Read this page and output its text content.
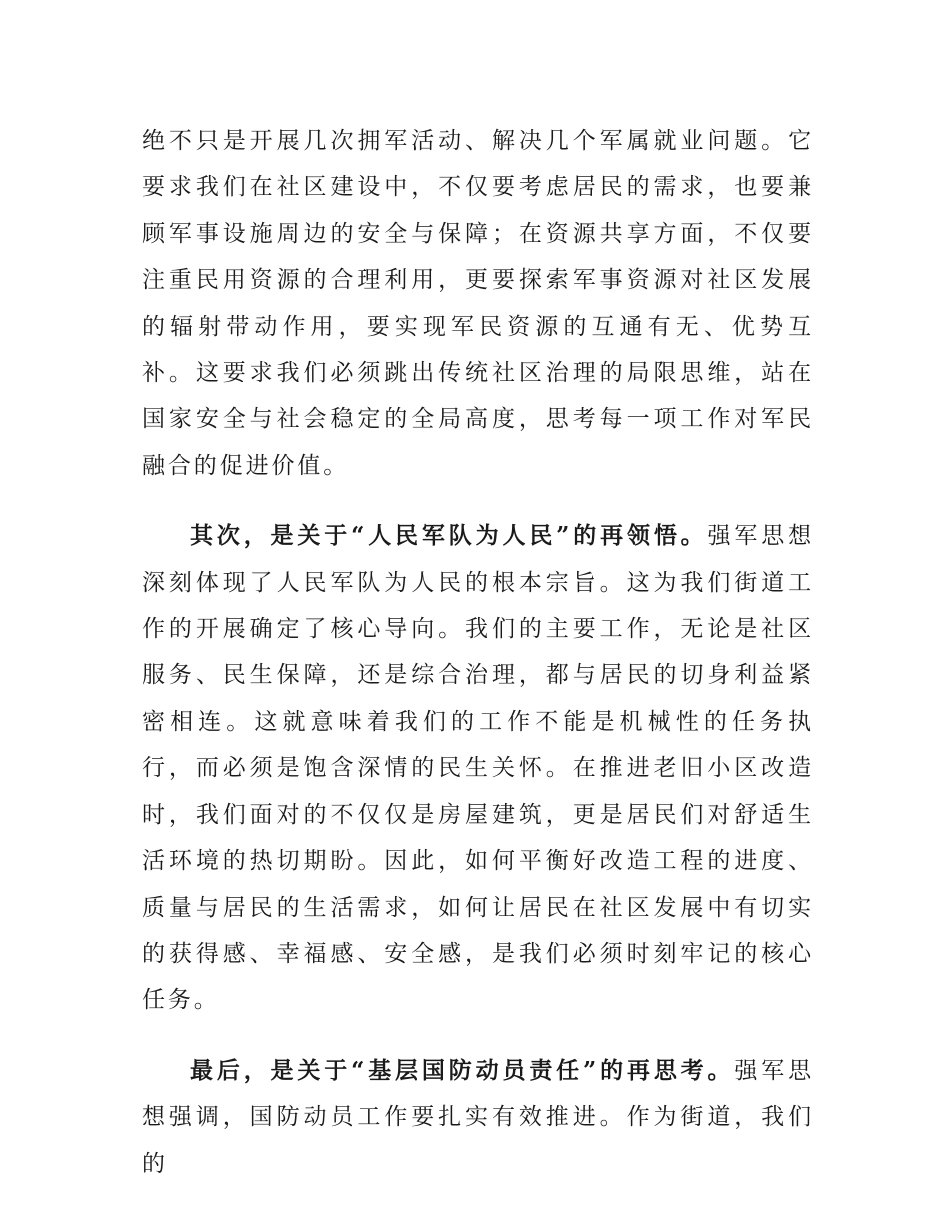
绝不只是开展几次拥军活动、解决几个军属就业问题。它要求我们在社区建设中，不仅要考虑居民的需求，也要兼顾军事设施周边的安全与保障；在资源共享方面，不仅要注重民用资源的合理利用，更要探索军事资源对社区发展的辐射带动作用，要实现军民资源的互通有无、优势互补。这要求我们必须跳出传统社区治理的局限思维，站在国家安全与社会稳定的全局高度，思考每一项工作对军民融合的促进价值。

其次，是关于“人民军队为人民”的再领悟。强军思想深刻体现了人民军队为人民的根本宗旨。这为我们街道工作的开展确定了核心导向。我们的主要工作，无论是社区服务、民生保障，还是综合治理，都与居民的切身利益紧密相连。这就意味着我们的工作不能是机械性的任务执行，而必须是饱含深情的民生关怀。在推进老旧小区改造时，我们面对的不仅仅是房屋建筑，更是居民们对舒适生活环境的热切期盼。因此，如何平衡好改造工程的进度、质量与居民的生活需求，如何让居民在社区发展中有切实的获得感、幸福感、安全感，是我们必须时刻牢记的核心任务。

最后，是关于“基层国防动员责任”的再思考。强军思想强调，国防动员工作要扎实有效推进。作为街道，我们的
